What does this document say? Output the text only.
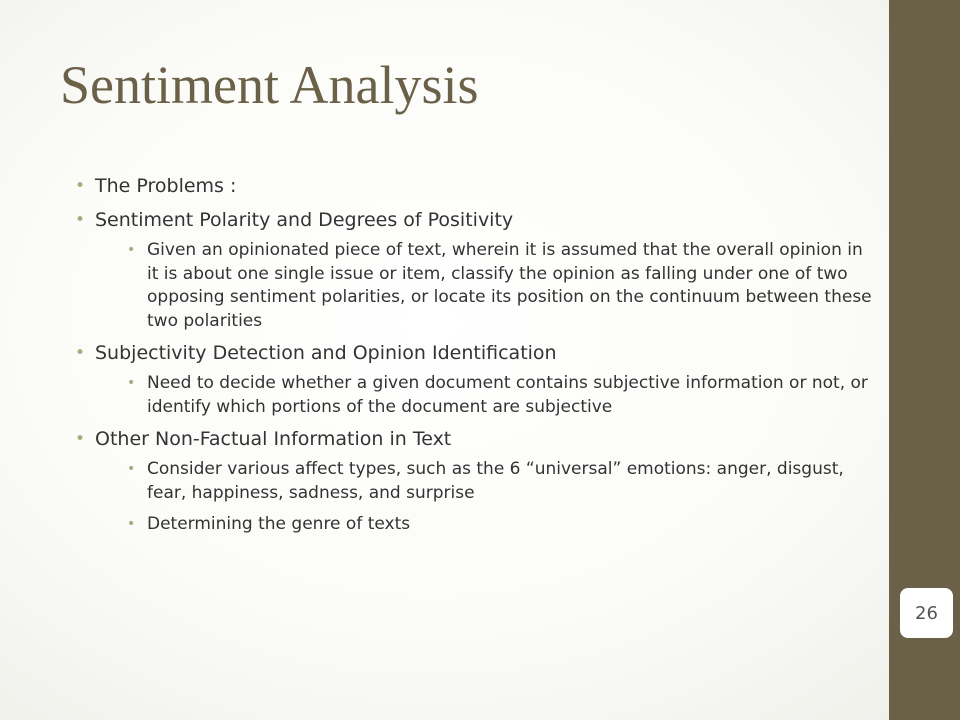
Sentiment Analysis
• The Problems :
• Sentiment Polarity and Degrees of Positivity
• Given an opinionated piece of text, wherein it is assumed that the overall opinion in it is about one single issue or item, classify the opinion as falling under one of two opposing sentiment polarities, or locate its position on the continuum between these two polarities
• Subjectivity Detection and Opinion Identification
• Need to decide whether a given document contains subjective information or not, or identify which portions of the document are subjective
• Other Non-Factual Information in Text
• Consider various affect types, such as the 6 “universal” emotions: anger, disgust, fear, happiness, sadness, and surprise
• Determining the genre of texts
26
